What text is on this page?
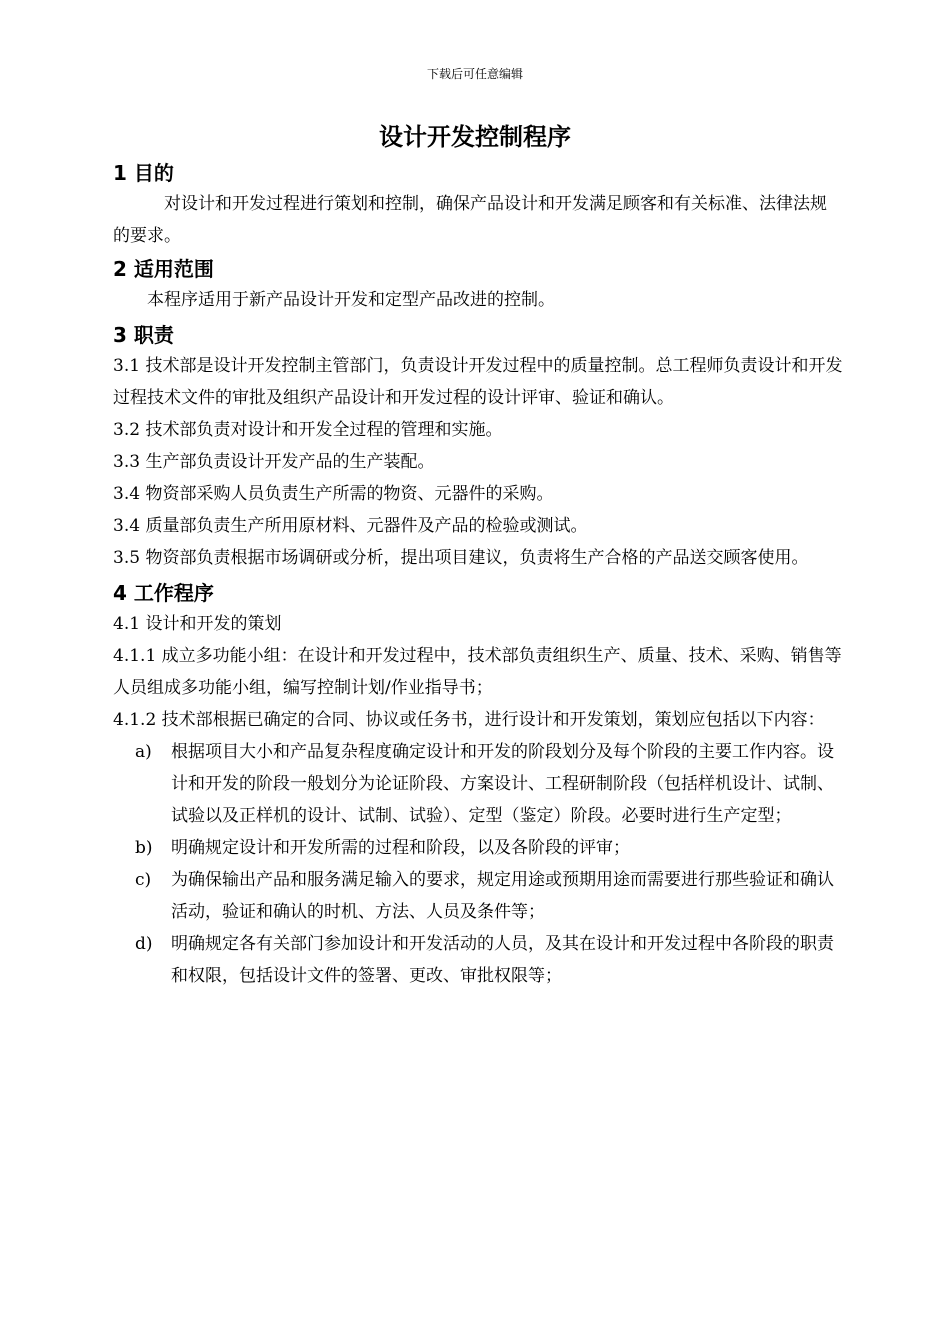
下载后可任意编辑
设计开发控制程序
1 目的

对设计和开发过程进行策划和控制，确保产品设计和开发满足顾客和有关标准、法律法规的要求。

2 适用范围

本程序适用于新产品设计开发和定型产品改进的控制。

3 职责

3.1 技术部是设计开发控制主管部门，负责设计开发过程中的质量控制。总工程师负责设计和开发过程技术文件的审批及组织产品设计和开发过程的设计评审、验证和确认。

3.2 技术部负责对设计和开发全过程的管理和实施。

3.3 生产部负责设计开发产品的生产装配。

3.4 物资部采购人员负责生产所需的物资、元器件的采购。

3.4 质量部负责生产所用原材料、元器件及产品的检验或测试。

3.5 物资部负责根据市场调研或分析，提出项目建议，负责将生产合格的产品送交顾客使用。

4 工作程序

4.1 设计和开发的策划

4.1.1 成立多功能小组：在设计和开发过程中，技术部负责组织生产、质量、技术、采购、销售等人员组成多功能小组，编写控制计划/作业指导书；

4.1.2 技术部根据已确定的合同、协议或任务书，进行设计和开发策划，策划应包括以下内容：

a) 根据项目大小和产品复杂程度确定设计和开发的阶段划分及每个阶段的主要工作内容。设计和开发的阶段一般划分为论证阶段、方案设计、工程研制阶段（包括样机设计、试制、试验以及正样机的设计、试制、试验）、定型（鉴定）阶段。必要时进行生产定型；
b) 明确规定设计和开发所需的过程和阶段，以及各阶段的评审；
c) 为确保输出产品和服务满足输入的要求，规定用途或预期用途而需要进行那些验证和确认活动，验证和确认的时机、方法、人员及条件等；
d) 明确规定各有关部门参加设计和开发活动的人员，及其在设计和开发过程中各阶段的职责和权限，包括设计文件的签署、更改、审批权限等；
